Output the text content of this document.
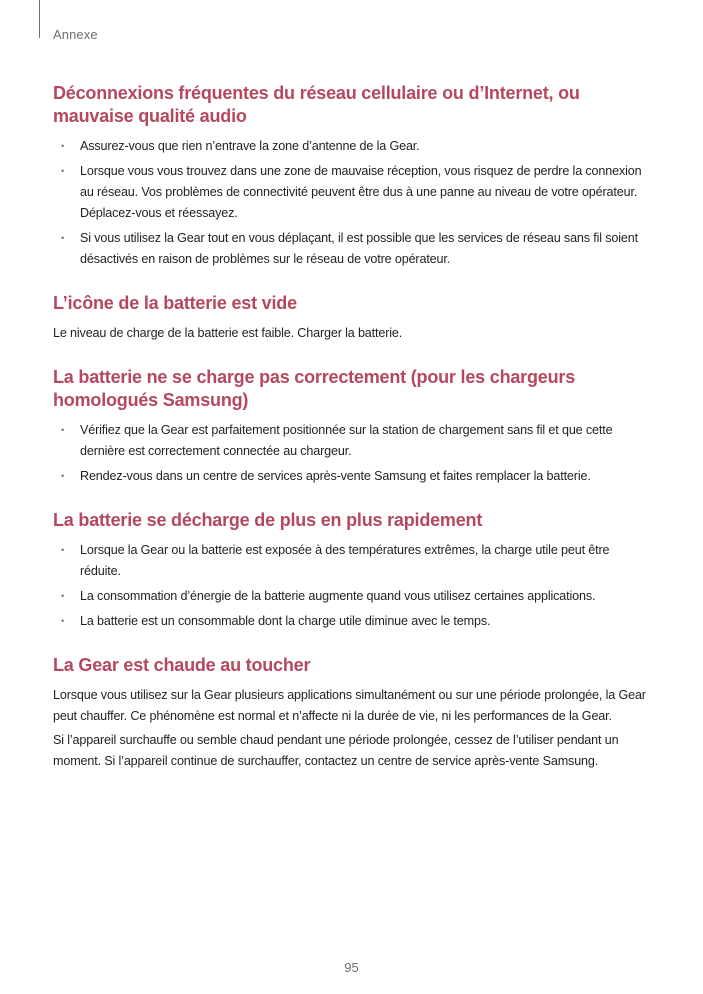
Annexe
Déconnexions fréquentes du réseau cellulaire ou d’Internet, ou mauvaise qualité audio
• Assurez-vous que rien n’entrave la zone d’antenne de la Gear.
• Lorsque vous vous trouvez dans une zone de mauvaise réception, vous risquez de perdre la connexion au réseau. Vos problèmes de connectivité peuvent être dus à une panne au niveau de votre opérateur. Déplacez-vous et réessayez.
• Si vous utilisez la Gear tout en vous déplaçant, il est possible que les services de réseau sans fil soient désactivés en raison de problèmes sur le réseau de votre opérateur.
L’icône de la batterie est vide

Le niveau de charge de la batterie est faible. Charger la batterie.

La batterie ne se charge pas correctement (pour les chargeurs homologués Samsung)
• Vérifiez que la Gear est parfaitement positionnée sur la station de chargement sans fil et que cette dernière est correctement connectée au chargeur.
• Rendez-vous dans un centre de services après-vente Samsung et faites remplacer la batterie.
La batterie se décharge de plus en plus rapidement
• Lorsque la Gear ou la batterie est exposée à des températures extrêmes, la charge utile peut être réduite.
• La consommation d’énergie de la batterie augmente quand vous utilisez certaines applications.
• La batterie est un consommable dont la charge utile diminue avec le temps.
La Gear est chaude au toucher

Lorsque vous utilisez sur la Gear plusieurs applications simultanément ou sur une période prolongée, la Gear peut chauffer. Ce phénomène est normal et n’affecte ni la durée de vie, ni les performances de la Gear.

Si l’appareil surchauffe ou semble chaud pendant une période prolongée, cessez de l’utiliser pendant un moment. Si l’appareil continue de surchauffer, contactez un centre de service après-vente Samsung.

95
